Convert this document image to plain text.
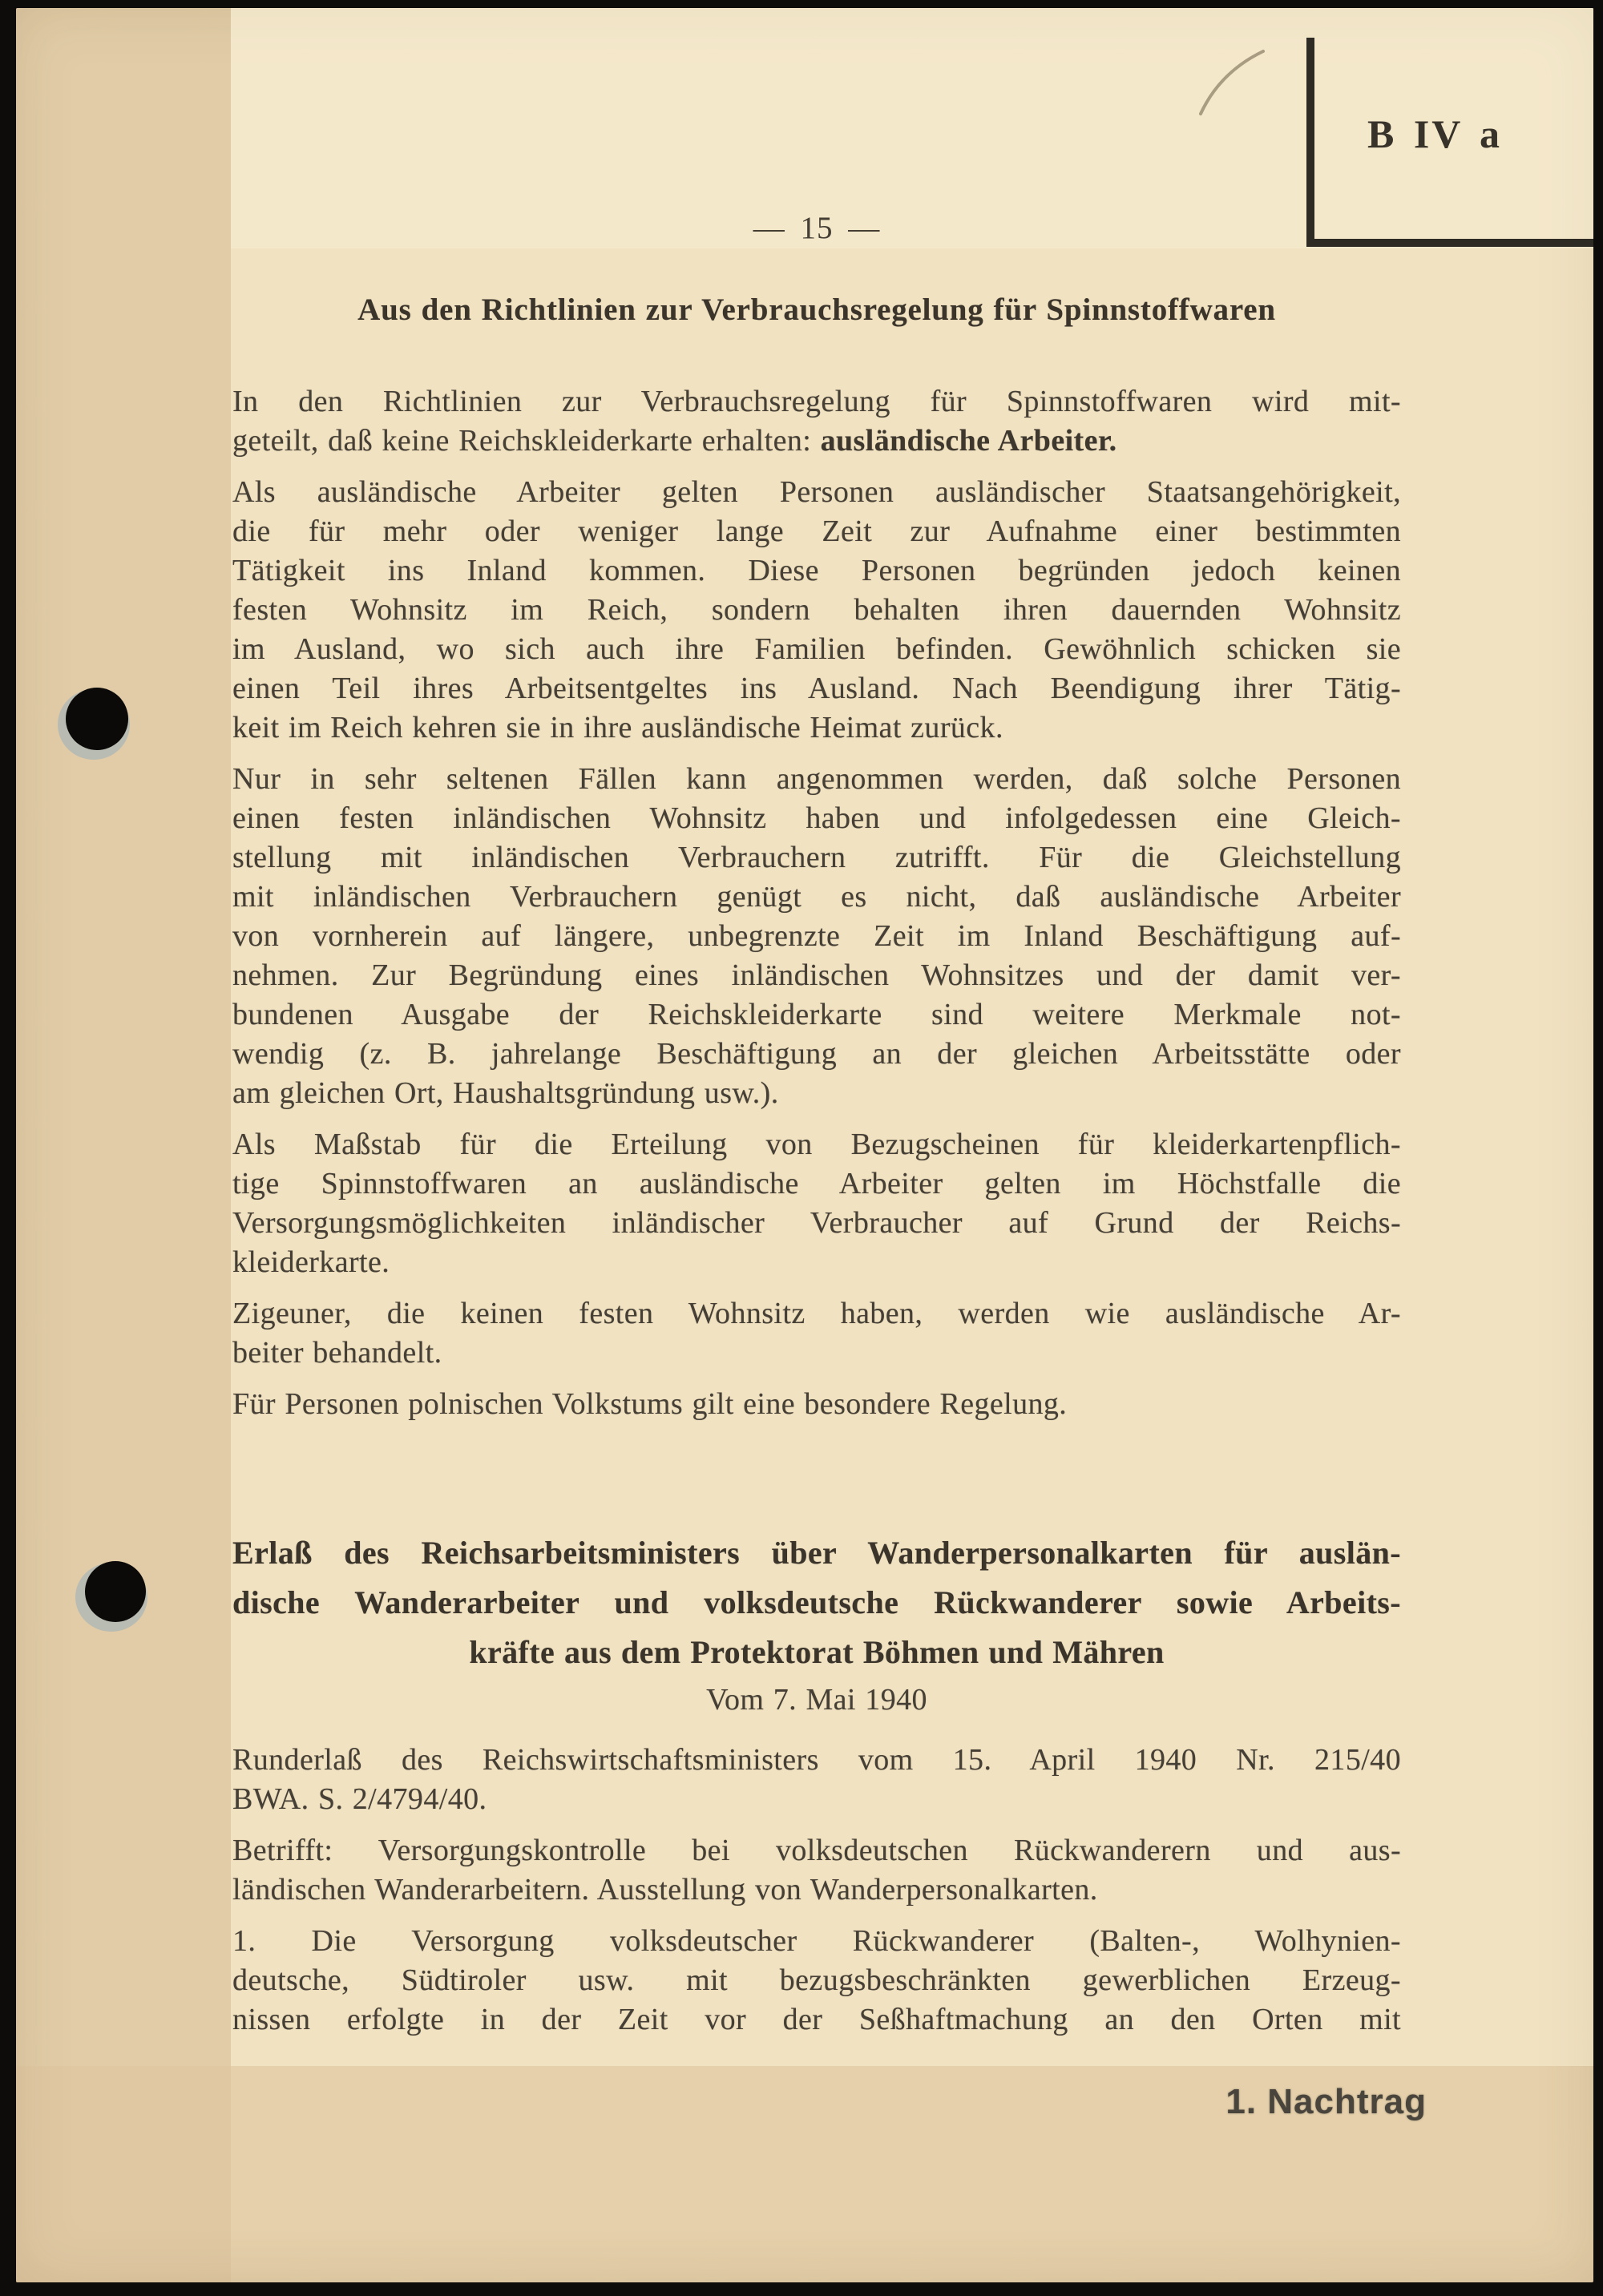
B IV a
— 15 —
Aus den Richtlinien zur Verbrauchsregelung für Spinnstoffwaren
In den Richtlinien zur Verbrauchsregelung für Spinnstoffwaren wird mit-
geteilt, daß keine Reichskleiderkarte erhalten: ausländische Arbeiter.
Als ausländische Arbeiter gelten Personen ausländischer Staatsangehörigkeit,
die für mehr oder weniger lange Zeit zur Aufnahme einer bestimmten
Tätigkeit ins Inland kommen. Diese Personen begründen jedoch keinen
festen Wohnsitz im Reich, sondern behalten ihren dauernden Wohnsitz
im Ausland, wo sich auch ihre Familien befinden. Gewöhnlich schicken sie
einen Teil ihres Arbeitsentgeltes ins Ausland. Nach Beendigung ihrer Tätig-
keit im Reich kehren sie in ihre ausländische Heimat zurück.
Nur in sehr seltenen Fällen kann angenommen werden, daß solche Personen
einen festen inländischen Wohnsitz haben und infolgedessen eine Gleich-
stellung mit inländischen Verbrauchern zutrifft. Für die Gleichstellung
mit inländischen Verbrauchern genügt es nicht, daß ausländische Arbeiter
von vornherein auf längere, unbegrenzte Zeit im Inland Beschäftigung auf-
nehmen. Zur Begründung eines inländischen Wohnsitzes und der damit ver-
bundenen Ausgabe der Reichskleiderkarte sind weitere Merkmale not-
wendig (z. B. jahrelange Beschäftigung an der gleichen Arbeitsstätte oder
am gleichen Ort, Haushaltsgründung usw.).
Als Maßstab für die Erteilung von Bezugscheinen für kleiderkartenpflich-
tige Spinnstoffwaren an ausländische Arbeiter gelten im Höchstfalle die
Versorgungsmöglichkeiten inländischer Verbraucher auf Grund der Reichs-
kleiderkarte.
Zigeuner, die keinen festen Wohnsitz haben, werden wie ausländische Ar-
beiter behandelt.
Für Personen polnischen Volkstums gilt eine besondere Regelung.
Erlaß des Reichsarbeitsministers über Wanderpersonalkarten für auslän-
dische Wanderarbeiter und volksdeutsche Rückwanderer sowie Arbeits-
kräfte aus dem Protektorat Böhmen und Mähren
Vom 7. Mai 1940
Runderlaß des Reichswirtschaftsministers vom 15. April 1940 Nr. 215/40
BWA. S. 2/4794/40.
Betrifft: Versorgungskontrolle bei volksdeutschen Rückwanderern und aus-
ländischen Wanderarbeitern. Ausstellung von Wanderpersonalkarten.
1. Die Versorgung volksdeutscher Rückwanderer (Balten-, Wolhynien-
deutsche, Südtiroler usw. mit bezugsbeschränkten gewerblichen Erzeug-
nissen erfolgte in der Zeit vor der Seßhaftmachung an den Orten mit
1. Nachtrag
